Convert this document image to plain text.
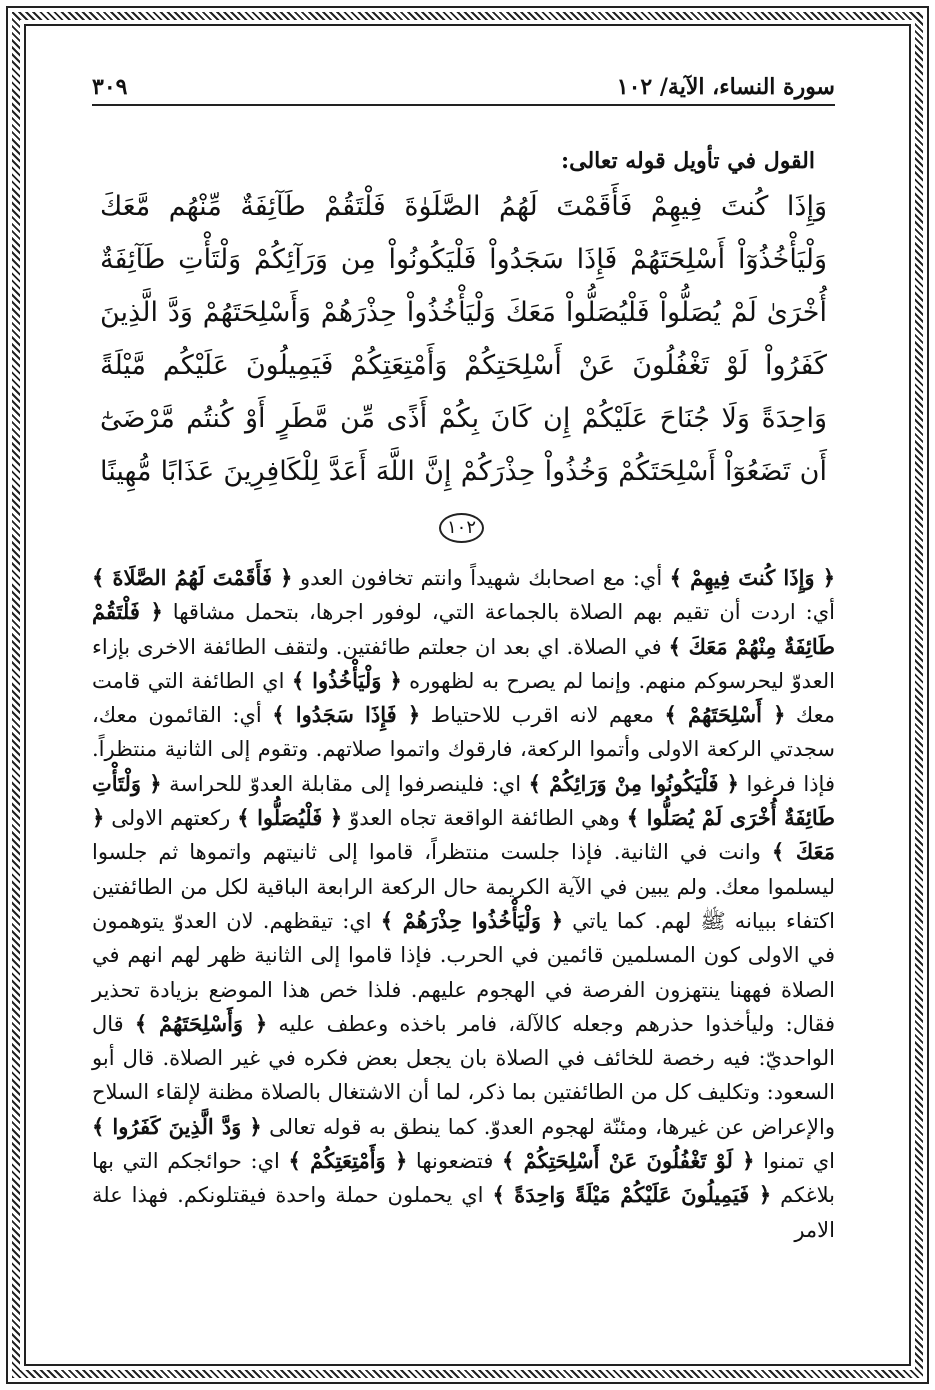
سورة النساء، الآية/ ١٠٢
٣٠٩
القول في تأويل قوله تعالى:
وَإِذَا كُنتَ فِيهِمْ فَأَقَمْتَ لَهُمُ الصَّلَوٰةَ فَلْتَقُمْ طَآئِفَةٌ مِّنْهُم مَّعَكَ وَلْيَأْخُذُوٓاْ أَسْلِحَتَهُمْ فَإِذَا سَجَدُواْ فَلْيَكُونُواْ مِن وَرَآئِكُمْ وَلْتَأْتِ طَآئِفَةٌ أُخْرَىٰ لَمْ يُصَلُّواْ فَلْيُصَلُّواْ مَعَكَ وَلْيَأْخُذُواْ حِذْرَهُمْ وَأَسْلِحَتَهُمْ وَدَّ الَّذِينَ كَفَرُواْ لَوْ تَغْفُلُونَ عَنْ أَسْلِحَتِكُمْ وَأَمْتِعَتِكُمْ فَيَمِيلُونَ عَلَيْكُم مَّيْلَةً وَاحِدَةً وَلَا جُنَاحَ عَلَيْكُمْ إِن كَانَ بِكُمْ أَذًى مِّن مَّطَرٍ أَوْ كُنتُم مَّرْضَىٰٓ أَن تَضَعُوٓاْ أَسْلِحَتَكُمْ وَخُذُواْ حِذْرَكُمْ إِنَّ اللَّهَ أَعَدَّ لِلْكَافِرِينَ عَذَابًا مُّهِينًا ١٠٢
﴿ وَإِذَا كُنتَ فِيهِمْ ﴾ أي: مع اصحابك شهيداً وانتم تخافون العدو ﴿ فَأَقَمْتَ لَهُمُ الصَّلَاةَ ﴾ أي: اردت أن تقيم بهم الصلاة بالجماعة التي، لوفور اجرها، بتحمل مشاقها ﴿ فَلْتَقُمْ طَائِفَةٌ مِنْهُمْ مَعَكَ ﴾ في الصلاة. اي بعد ان جعلتم طائفتين. ولتقف الطائفة الاخرى بإزاء العدوّ ليحرسوكم منهم. وإنما لم يصرح به لظهوره ﴿ وَلْيَأْخُذُوا ﴾ اي الطائفة التي قامت معك ﴿ أَسْلِحَتَهُمْ ﴾ معهم لانه اقرب للاحتياط ﴿ فَإِذَا سَجَدُوا ﴾ أي: القائمون معك، سجدتي الركعة الاولى وأتموا الركعة، فارقوك واتموا صلاتهم. وتقوم إلى الثانية منتظراً. فإذا فرغوا ﴿ فَلْيَكُونُوا مِنْ وَرَائِكُمْ ﴾ اي: فلينصرفوا إلى مقابلة العدوّ للحراسة ﴿ وَلْتَأْتِ طَائِفَةٌ أُخْرَى لَمْ يُصَلُّوا ﴾ وهي الطائفة الواقعة تجاه العدوّ ﴿ فَلْيُصَلُّوا ﴾ ركعتهم الاولى ﴿ مَعَكَ ﴾ وانت في الثانية. فإذا جلست منتظراً، قاموا إلى ثانيتهم واتموها ثم جلسوا ليسلموا معك. ولم يبين في الآية الكريمة حال الركعة الرابعة الباقية لكل من الطائفتين اكتفاء ببيانه ﷺ لهم. كما ياتي ﴿ وَلْيَأْخُذُوا حِذْرَهُمْ ﴾ اي: تيقظهم. لان العدوّ يتوهمون في الاولى كون المسلمين قائمين في الحرب. فإذا قاموا إلى الثانية ظهر لهم انهم في الصلاة فههنا ينتهزون الفرصة في الهجوم عليهم. فلذا خص هذا الموضع بزيادة تحذير فقال: وليأخذوا حذرهم وجعله كالآلة، فامر باخذه وعطف عليه ﴿ وَأَسْلِحَتَهُمْ ﴾ قال الواحديّ: فيه رخصة للخائف في الصلاة بان يجعل بعض فكره في غير الصلاة. قال أبو السعود: وتكليف كل من الطائفتين بما ذكر، لما أن الاشتغال بالصلاة مظنة لإلقاء السلاح والإعراض عن غيرها، ومئنّة لهجوم العدوّ. كما ينطق به قوله تعالى ﴿ وَدَّ الَّذِينَ كَفَرُوا ﴾ اي تمنوا ﴿ لَوْ تَغْفُلُونَ عَنْ أَسْلِحَتِكُمْ ﴾ فتضعونها ﴿ وَأَمْتِعَتِكُمْ ﴾ اي: حوائجكم التي بها بلاغكم ﴿ فَيَمِيلُونَ عَلَيْكُمْ مَيْلَةً وَاحِدَةً ﴾ اي يحملون حملة واحدة فيقتلونكم. فهذا علة الامر
